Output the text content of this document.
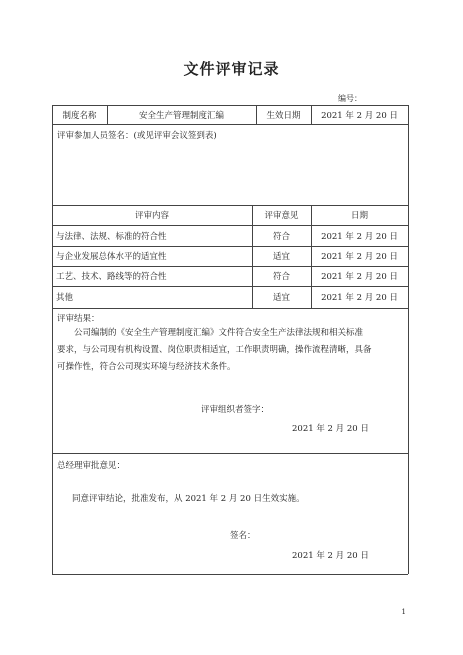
文件评审记录
编号：
制度名称	安全生产管理制度汇编	生效日期	2021 年 2 月 20 日
评审参加人员签名：(或见评审会议签到表)
评审内容	评审意见	日期
与法律、法规、标准的符合性	符合	2021 年 2 月 20 日
与企业发展总体水平的适宜性	适宜	2021 年 2 月 20 日
工艺、技术、路线等的符合性	符合	2021 年 2 月 20 日
其他	适宜	2021 年 2 月 20 日
评审结果：
公司编制的《安全生产管理制度汇编》文件符合安全生产法律法规和相关标准
要求，与公司现有机构设置、岗位职责相适宜，工作职责明确，操作流程清晰，具备
可操作性，符合公司现实环境与经济技术条件。
评审组织者签字：
2021 年 2 月 20 日
总经理审批意见：
同意评审结论，批准发布，从 2021 年 2 月 20 日生效实施。
签名：
2021 年 2 月 20 日
1
